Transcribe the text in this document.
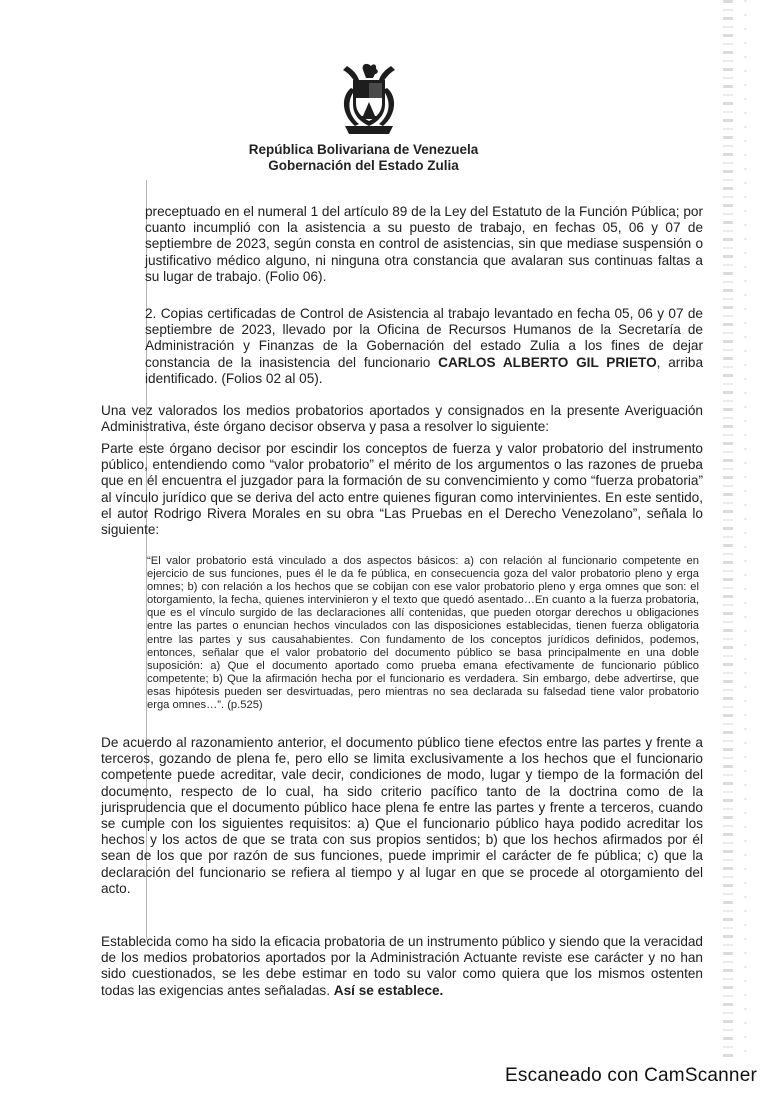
República Bolivariana de Venezuela
Gobernación del Estado Zulia
preceptuado en el numeral 1 del artículo 89 de la Ley del Estatuto de la Función Pública; por cuanto incumplió con la asistencia a su puesto de trabajo, en fechas 05, 06 y 07 de septiembre de 2023, según consta en control de asistencias, sin que mediase suspensión o justificativo médico alguno, ni ninguna otra constancia que avalaran sus continuas faltas a su lugar de trabajo. (Folio 06).
2. Copias certificadas de Control de Asistencia al trabajo levantado en fecha 05, 06 y 07 de septiembre de 2023, llevado por la Oficina de Recursos Humanos de la Secretaría de Administración y Finanzas de la Gobernación del estado Zulia a los fines de dejar constancia de la inasistencia del funcionario CARLOS ALBERTO GIL PRIETO, arriba identificado. (Folios 02 al 05).
Una vez valorados los medios probatorios aportados y consignados en la presente Averiguación Administrativa, éste órgano decisor observa y pasa a resolver lo siguiente:
Parte este órgano decisor por escindir los conceptos de fuerza y valor probatorio del instrumento público, entendiendo como “valor probatorio” el mérito de los argumentos o las razones de prueba que en él encuentra el juzgador para la formación de su convencimiento y como “fuerza probatoria” al vínculo jurídico que se deriva del acto entre quienes figuran como intervinientes. En este sentido, el autor Rodrigo Rivera Morales en su obra “Las Pruebas en el Derecho Venezolano”, señala lo siguiente:
“El valor probatorio está vinculado a dos aspectos básicos: a) con relación al funcionario competente en ejercicio de sus funciones, pues él le da fe pública, en consecuencia goza del valor probatorio pleno y erga omnes; b) con relación a los hechos que se cobijan con ese valor probatorio pleno y erga omnes que son: el otorgamiento, la fecha, quienes intervinieron y el texto que quedó asentado…En cuanto a la fuerza probatoria, que es el vínculo surgido de las declaraciones allí contenidas, que pueden otorgar derechos u obligaciones entre las partes o enuncian hechos vinculados con las disposiciones establecidas, tienen fuerza obligatoria entre las partes y sus causahabientes. Con fundamento de los conceptos jurídicos definidos, podemos, entonces, señalar que el valor probatorio del documento público se basa principalmente en una doble suposición: a) Que el documento aportado como prueba emana efectivamente de funcionario público competente; b) Que la afirmación hecha por el funcionario es verdadera. Sin embargo, debe advertirse, que esas hipótesis pueden ser desvirtuadas, pero mientras no sea declarada su falsedad tiene valor probatorio erga omnes…”. (p.525)
De acuerdo al razonamiento anterior, el documento público tiene efectos entre las partes y frente a terceros, gozando de plena fe, pero ello se limita exclusivamente a los hechos que el funcionario competente puede acreditar, vale decir, condiciones de modo, lugar y tiempo de la formación del documento, respecto de lo cual, ha sido criterio pacífico tanto de la doctrina como de la jurisprudencia que el documento público hace plena fe entre las partes y frente a terceros, cuando se cumple con los siguientes requisitos: a) Que el funcionario público haya podido acreditar los hechos y los actos de que se trata con sus propios sentidos; b) que los hechos afirmados por él sean de los que por razón de sus funciones, puede imprimir el carácter de fe pública; c) que la declaración del funcionario se refiera al tiempo y al lugar en que se procede al otorgamiento del acto.
Establecida como ha sido la eficacia probatoria de un instrumento público y siendo que la veracidad de los medios probatorios aportados por la Administración Actuante reviste ese carácter y no han sido cuestionados, se les debe estimar en todo su valor como quiera que los mismos ostenten todas las exigencias antes señaladas. Así se establece.
Escaneado con CamScanner
